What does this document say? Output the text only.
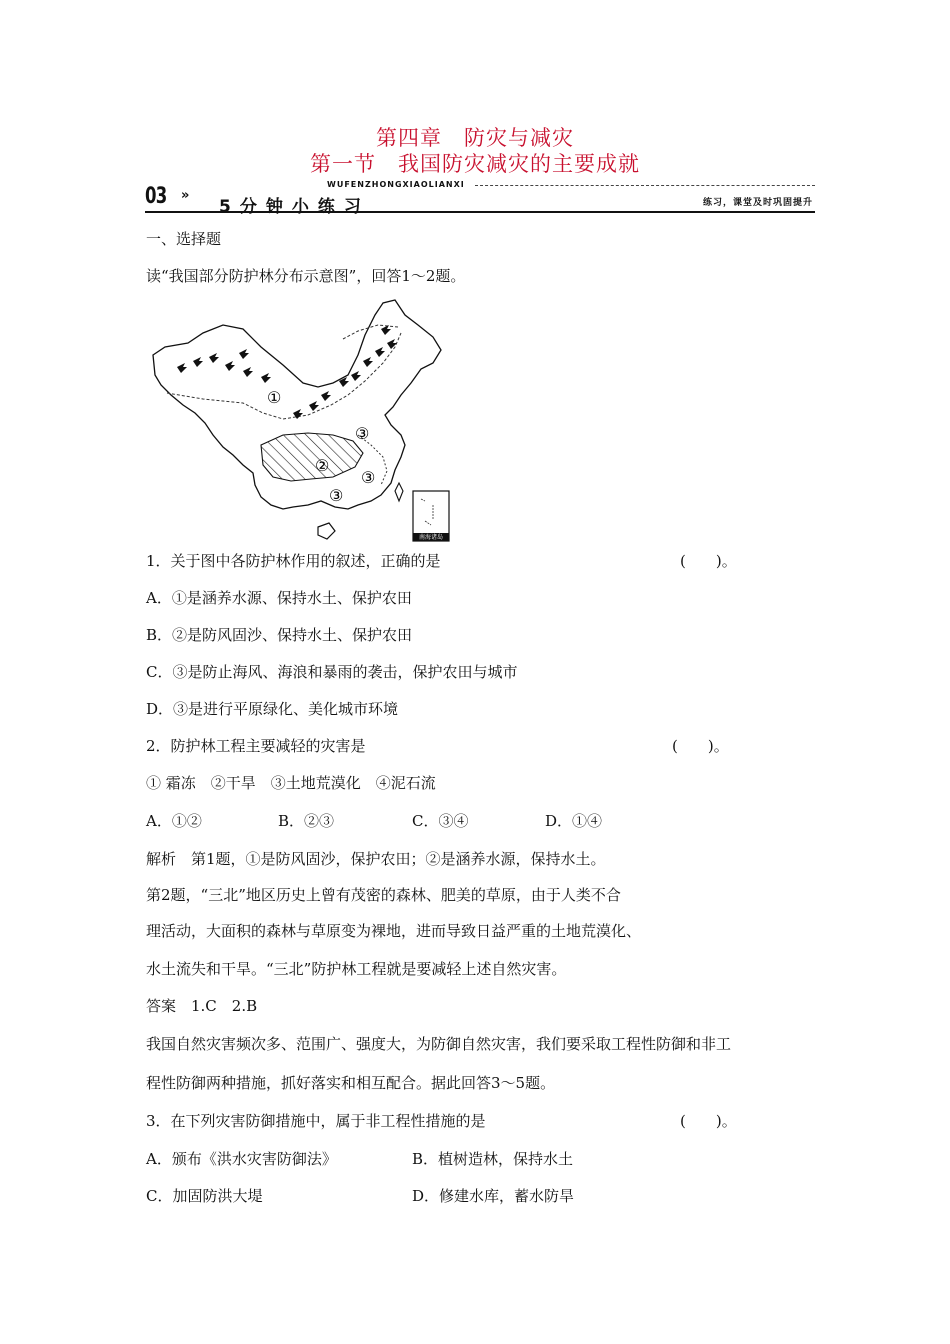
第四章　防灾与减灾
第一节　我国防灾减灾的主要成就
03 »
WUFENZHONGXIAOLIANXI
5分钟小练习	练习，课堂及时巩固提升
一、选择题
读“我国部分防护林分布示意图”，回答1～2题。
①
②
③
③
③
南海诸岛
1．关于图中各防护林作用的叙述，正确的是	(　　)。
A．①是涵养水源、保持水土、保护农田
B．②是防风固沙、保持水土、保护农田
C．③是防止海风、海浪和暴雨的袭击，保护农田与城市
D．③是进行平原绿化、美化城市环境
2．防护林工程主要减轻的灾害是	(　　)。
① 霜冻　②干旱　③土地荒漠化　④泥石流
A．①②	B．②③	C．③④	D．①④
解析　第1题，①是防风固沙，保护农田；②是涵养水源，保持水土。
第2题，“三北”地区历史上曾有茂密的森林、肥美的草原，由于人类不合
理活动，大面积的森林与草原变为裸地，进而导致日益严重的土地荒漠化、
水土流失和干旱。“三北”防护林工程就是要减轻上述自然灾害。
答案　1.C　2.B
我国自然灾害频次多、范围广、强度大，为防御自然灾害，我们要采取工程性防御和非工
程性防御两种措施，抓好落实和相互配合。据此回答3～5题。
3．在下列灾害防御措施中，属于非工程性措施的是	(　　)。
A．颁布《洪水灾害防御法》	B．植树造林，保持水土
C．加固防洪大堤	D．修建水库，蓄水防旱
